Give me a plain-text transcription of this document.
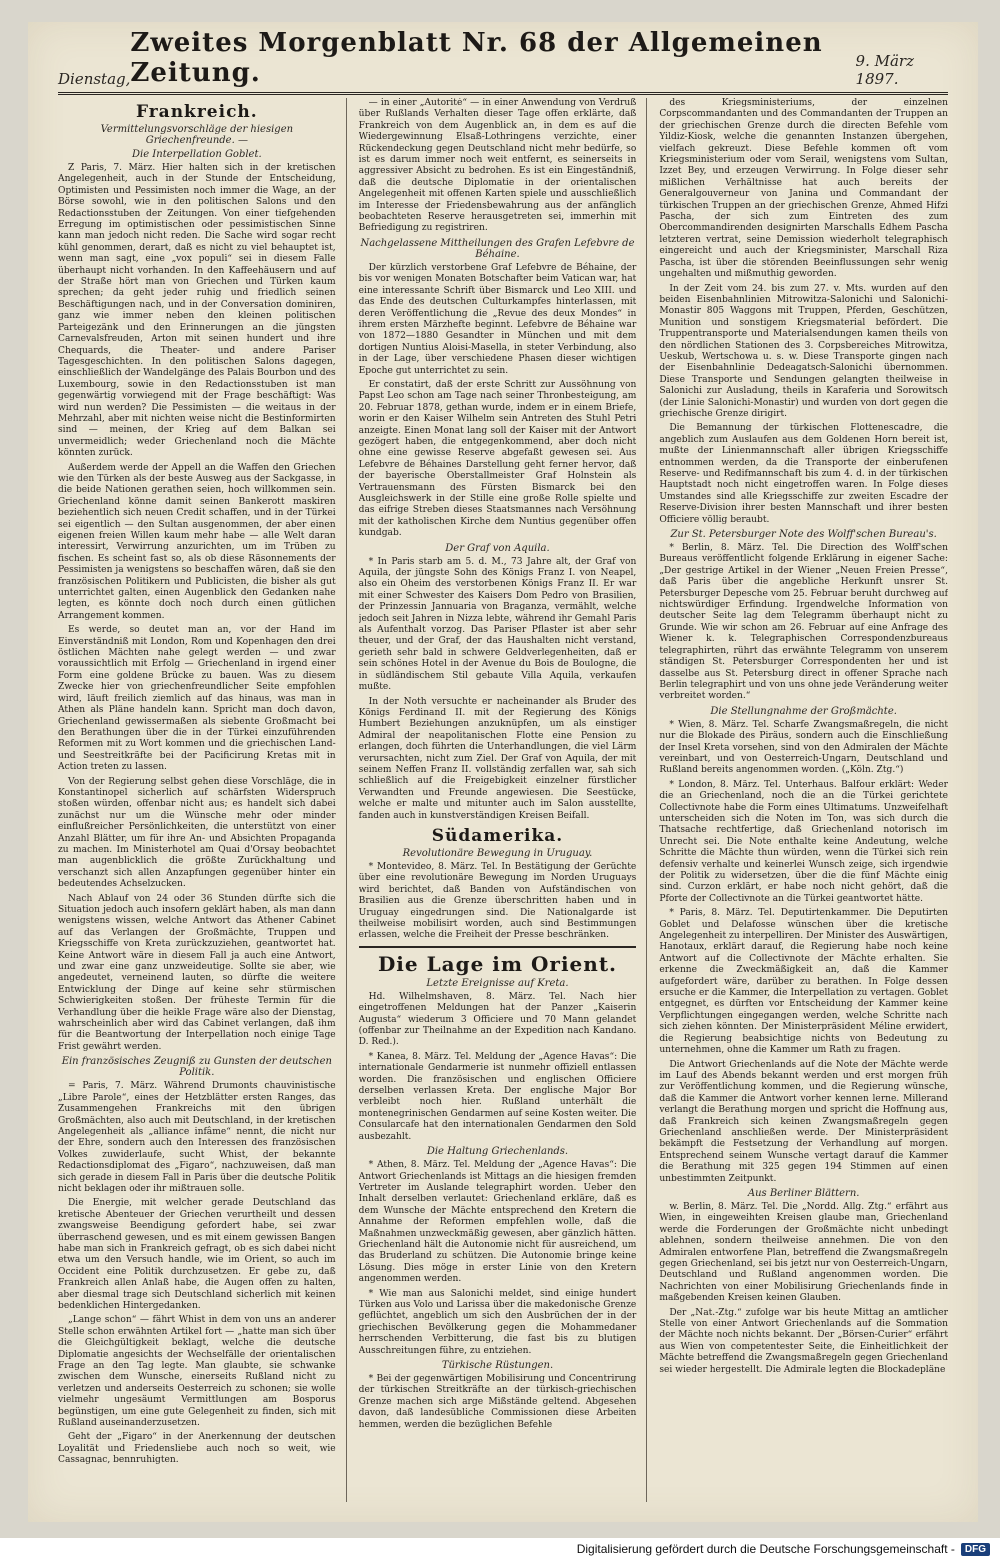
Dienstag,
Zweites Morgenblatt Nr. 68 der Allgemeinen Zeitung.	9. März 1897.
Frankreich.
Vermittelungsvorschläge der hiesigen Griechenfreunde. —
Die Interpellation Goblet.

Z Paris, 7. März. Hier halten sich in der kretischen Angelegenheit, auch in der Stunde der Entscheidung, Optimisten und Pessimisten noch immer die Wage, an der Börse sowohl, wie in den politischen Salons und den Redactionsstuben der Zeitungen. Von einer tiefgehenden Erregung im optimistischen oder pessimistischen Sinne kann man jedoch nicht reden. Die Sache wird sogar recht kühl genommen, derart, daß es nicht zu viel behauptet ist, wenn man sagt, eine „vox populi“ sei in diesem Falle überhaupt nicht vorhanden. In den Kaffeehäusern und auf der Straße hört man von Griechen und Türken kaum sprechen; da geht jeder ruhig und friedlich seinen Beschäftigungen nach, und in der Conversation dominiren, ganz wie immer neben den kleinen politischen Parteigezänk und den Erinnerungen an die jüngsten Carnevalsfreuden, Arton mit seinen hundert und ihre Chequards, die Theater- und andere Pariser Tagesgeschichten. In den politischen Salons dagegen, einschließlich der Wandelgänge des Palais Bourbon und des Luxembourg, sowie in den Redactionsstuben ist man gegenwärtig vorwiegend mit der Frage beschäftigt: Was wird nun werden? Die Pessimisten — die weitaus in der Mehrzahl, aber mit nichten weise nicht die Bestinformirten sind — meinen, der Krieg auf dem Balkan sei unvermeidlich; weder Griechenland noch die Mächte könnten zurück.

Außerdem werde der Appell an die Waffen den Griechen wie den Türken als der beste Ausweg aus der Sackgasse, in die beide Nationen gerathen seien, hoch willkommen sein. Griechenland könne damit seinen Bankerott maskiren beziehentlich sich neuen Credit schaffen, und in der Türkei sei eigentlich — den Sultan ausgenommen, der aber einen eigenen freien Willen kaum mehr habe — alle Welt daran interessirt, Verwirrung anzurichten, um im Trüben zu fischen. Es scheint fast so, als ob diese Räsonnements der Pessimisten ja wenigstens so beschaffen wären, daß sie den französischen Politikern und Publicisten, die bisher als gut unterrichtet galten, einen Augenblick den Gedanken nahe legten, es könnte doch noch durch einen gütlichen Arrangement kommen.

Es werde, so deutet man an, vor der Hand im Einverständniß mit London, Rom und Kopenhagen den drei östlichen Mächten nahe gelegt werden — und zwar voraussichtlich mit Erfolg — Griechenland in irgend einer Form eine goldene Brücke zu bauen. Was zu diesem Zwecke hier von griechenfreundlicher Seite empfohlen wird, läuft freilich ziemlich auf das hinaus, was man in Athen als Pläne handeln kann. Spricht man doch davon, Griechenland gewissermaßen als siebente Großmacht bei den Berathungen über die in der Türkei einzuführenden Reformen mit zu Wort kommen und die griechischen Land- und Seestreitkräfte bei der Pacificirung Kretas mit in Action treten zu lassen.

Von der Regierung selbst gehen diese Vorschläge, die in Konstantinopel sicherlich auf schärfsten Widerspruch stoßen würden, offenbar nicht aus; es handelt sich dabei zunächst nur um die Wünsche mehr oder minder einflußreicher Persönlichkeiten, die unterstützt von einer Anzahl Blätter, um für ihre An- und Absichten Propaganda zu machen. Im Ministerhotel am Quai d'Orsay beobachtet man augenblicklich die größte Zurückhaltung und verschanzt sich allen Anzapfungen gegenüber hinter ein bedeutendes Achselzucken.

Nach Ablauf von 24 oder 36 Stunden dürfte sich die Situation jedoch auch insofern geklärt haben, als man dann wenigstens wissen, welche Antwort das Athener Cabinet auf das Verlangen der Großmächte, Truppen und Kriegsschiffe von Kreta zurückzuziehen, geantwortet hat. Keine Antwort wäre in diesem Fall ja auch eine Antwort, und zwar eine ganz unzweideutige. Sollte sie aber, wie angedeutet, verneinend lauten, so dürfte die weitere Entwicklung der Dinge auf keine sehr stürmischen Schwierigkeiten stoßen. Der früheste Termin für die Verhandlung über die heikle Frage wäre also der Dienstag, wahrscheinlich aber wird das Cabinet verlangen, daß ihm für die Beantwortung der Interpellation noch einige Tage Frist gewährt werden.

Ein französisches Zeugniß zu Gunsten der deutschen Politik.

= Paris, 7. März. Während Drumonts chauvinistische „Libre Parole“, eines der Hetzblätter ersten Ranges, das Zusammengehen Frankreichs mit den übrigen Großmächten, also auch mit Deutschland, in der kretischen Angelegenheit als „alliance infâme“ nennt, die nicht nur der Ehre, sondern auch den Interessen des französischen Volkes zuwiderlaufe, sucht Whist, der bekannte Redactionsdiplomat des „Figaro“, nachzuweisen, daß man sich gerade in diesem Fall in Paris über die deutsche Politik nicht beklagen oder ihr mißtrauen solle.

Die Energie, mit welcher gerade Deutschland das kretische Abenteuer der Griechen verurtheilt und dessen zwangsweise Beendigung gefordert habe, sei zwar überraschend gewesen, und es mit einem gewissen Bangen habe man sich in Frankreich gefragt, ob es sich dabei nicht etwa um den Versuch handle, wie im Orient, so auch im Occident eine Politik durchzusetzen. Er gebe zu, daß Frankreich allen Anlaß habe, die Augen offen zu halten, aber diesmal trage sich Deutschland sicherlich mit keinen bedenklichen Hintergedanken.

„Lange schon“ — fährt Whist in dem von uns an anderer Stelle schon erwähnten Artikel fort — „hatte man sich über die Gleichgültigkeit beklagt, welche die deutsche Diplomatie angesichts der Wechselfälle der orientalischen Frage an den Tag legte. Man glaubte, sie schwanke zwischen dem Wunsche, einerseits Rußland nicht zu verletzen und anderseits Oesterreich zu schonen; sie wolle vielmehr ungesäumt Vermittlungen am Bosporus begünstigen, um eine gute Gelegenheit zu finden, sich mit Rußland auseinanderzusetzen.

Geht der „Figaro“ in der Anerkennung der deutschen Loyalität und Friedensliebe auch noch so weit, wie Cassagnac, bennruhigten.

— in einer „Autorité“ — in einer Anwendung von Verdruß über Rußlands Verhalten dieser Tage offen erklärte, daß Frankreich von dem Augenblick an, in dem es auf die Wiedergewinnung Elsaß-Lothringens verzichte, einer Rückendeckung gegen Deutschland nicht mehr bedürfe, so ist es darum immer noch weit entfernt, es seinerseits in aggressiver Absicht zu bedrohen. Es ist ein Eingeständniß, daß die deutsche Diplomatie in der orientalischen Angelegenheit mit offenen Karten spiele und ausschließlich im Interesse der Friedensbewahrung aus der anfänglich beobachteten Reserve herausgetreten sei, immerhin mit Befriedigung zu registriren.

Nachgelassene Mittheilungen des Grafen Lefebvre de Béhaine.

Der kürzlich verstorbene Graf Lefebvre de Béhaine, der bis vor wenigen Monaten Botschafter beim Vatican war, hat eine interessante Schrift über Bismarck und Leo XIII. und das Ende des deutschen Culturkampfes hinterlassen, mit deren Veröffentlichung die „Revue des deux Mondes“ in ihrem ersten Märzhefte beginnt. Lefebvre de Béhaine war von 1872—1880 Gesandter in München und mit dem dortigen Nuntius Aloisi-Masella, in steter Verbindung, also in der Lage, über verschiedene Phasen dieser wichtigen Epoche gut unterrichtet zu sein.

Er constatirt, daß der erste Schritt zur Aussöhnung von Papst Leo schon am Tage nach seiner Thronbesteigung, am 20. Februar 1878, gethan wurde, indem er in einem Briefe, worin er den Kaiser Wilhelm sein Antreten des Stuhl Petri anzeigte. Einen Monat lang soll der Kaiser mit der Antwort gezögert haben, die entgegenkommend, aber doch nicht ohne eine gewisse Reserve abgefaßt gewesen sei. Aus Lefebvre de Béhaines Darstellung geht ferner hervor, daß der bayerische Oberstallmeister Graf Holnstein als Vertrauensmann des Fürsten Bismarck bei den Ausgleichswerk in der Stille eine große Rolle spielte und das eifrige Streben dieses Staatsmannes nach Versöhnung mit der katholischen Kirche dem Nuntius gegenüber offen kundgab.

Der Graf von Aquila.

* In Paris starb am 5. d. M., 73 Jahre alt, der Graf von Aquila, der jüngste Sohn des Königs Franz I. von Neapel, also ein Oheim des verstorbenen Königs Franz II. Er war mit einer Schwester des Kaisers Dom Pedro von Brasilien, der Prinzessin Jannuaria von Braganza, vermählt, welche jedoch seit Jahren in Nizza lebte, während ihr Gemahl Paris als Aufenthalt vorzog. Das Pariser Pflaster ist aber sehr theuer, und der Graf, der das Haushalten nicht verstand, gerieth sehr bald in schwere Geldverlegenheiten, daß er sein schönes Hotel in der Avenue du Bois de Boulogne, die in südländischem Stil gebaute Villa Aquila, verkaufen mußte.

In der Noth versuchte er nacheinander als Bruder des Königs Ferdinand II. mit der Regierung des Königs Humbert Beziehungen anzuknüpfen, um als einstiger Admiral der neapolitanischen Flotte eine Pension zu erlangen, doch führten die Unterhandlungen, die viel Lärm verursachten, nicht zum Ziel. Der Graf von Aquila, der mit seinem Neffen Franz II. vollständig zerfallen war, sah sich schließlich auf die Freigebigkeit einzelner fürstlicher Verwandten und Freunde angewiesen. Die Seestücke, welche er malte und mitunter auch im Salon ausstellte, fanden auch in kunstverständigen Kreisen Beifall.

Südamerika.
Revolutionäre Bewegung in Uruguay.

* Montevideo, 8. März. Tel. In Bestätigung der Gerüchte über eine revolutionäre Bewegung im Norden Uruguays wird berichtet, daß Banden von Aufständischen von Brasilien aus die Grenze überschritten haben und in Uruguay eingedrungen sind. Die Nationalgarde ist theilweise mobilisirt worden, auch sind Bestimmungen erlassen, welche die Freiheit der Presse beschränken.

Die Lage im Orient.
Letzte Ereignisse auf Kreta.

Hd. Wilhelmshaven, 8. März. Tel. Nach hier eingetroffenen Meldungen hat der Panzer „Kaiserin Augusta“ wiederum 3 Officiere und 70 Mann gelandet (offenbar zur Theilnahme an der Expedition nach Kandano. D. Red.).

* Kanea, 8. März. Tel. Meldung der „Agence Havas“: Die internationale Gendarmerie ist nunmehr offiziell entlassen worden. Die französischen und englischen Officiere derselben verlassen Kreta. Der englische Major Bor verbleibt noch hier. Rußland unterhält die montenegrinischen Gendarmen auf seine Kosten weiter. Die Consularcafe hat den internationalen Gendarmen den Sold ausbezahlt.

Die Haltung Griechenlands.

* Athen, 8. März. Tel. Meldung der „Agence Havas“: Die Antwort Griechenlands ist Mittags an die hiesigen fremden Vertreter im Auslande telegraphirt worden. Ueber den Inhalt derselben verlautet: Griechenland erkläre, daß es dem Wunsche der Mächte entsprechend den Kretern die Annahme der Reformen empfehlen wolle, daß die Maßnahmen unzweckmäßig gewesen, aber gänzlich hätten. Griechenland hält die Autonomie nicht für ausreichend, um das Bruderland zu schützen. Die Autonomie bringe keine Lösung. Dies möge in erster Linie von den Kretern angenommen werden.

* Wie man aus Salonichi meldet, sind einige hundert Türken aus Volo und Larissa über die makedonische Grenze geflüchtet, angeblich um sich den Ausbrüchen der in der griechischen Bevölkerung gegen die Mohammedaner herrschenden Verbitterung, die fast bis zu blutigen Ausschreitungen führe, zu entziehen.

Türkische Rüstungen.

* Bei der gegenwärtigen Mobilisirung und Concentrirung der türkischen Streitkräfte an der türkisch-griechischen Grenze machen sich arge Mißstände geltend. Abgesehen davon, daß landesübliche Commissionen diese Arbeiten hemmen, werden die bezüglichen Befehle

des Kriegsministeriums, der einzelnen Corpscommandanten und des Commandanten der Truppen an der griechischen Grenze durch die directen Befehle vom Yildiz-Kiosk, welche die genannten Instanzen übergehen, vielfach gekreuzt. Diese Befehle kommen oft vom Kriegsministerium oder vom Serail, wenigstens vom Sultan, Izzet Bey, und erzeugen Verwirrung. In Folge dieser sehr mißlichen Verhältnisse hat auch bereits der Generalgouverneur von Janina und Commandant der türkischen Truppen an der griechischen Grenze, Ahmed Hifzi Pascha, der sich zum Eintreten des zum Obercommandirenden designirten Marschalls Edhem Pascha letzteren vertrat, seine Demission wiederholt telegraphisch eingereicht und auch der Kriegsminister, Marschall Riza Pascha, ist über die störenden Beeinflussungen sehr wenig ungehalten und mißmuthig geworden.

In der Zeit vom 24. bis zum 27. v. Mts. wurden auf den beiden Eisenbahnlinien Mitrowitza-Salonichi und Salonichi-Monastir 805 Waggons mit Truppen, Pferden, Geschützen, Munition und sonstigem Kriegsmaterial befördert. Die Truppentransporte und Materialsendungen kamen theils von den nördlichen Stationen des 3. Corpsbereiches Mitrowitza, Ueskub, Wertschowa u. s. w. Diese Transporte gingen nach der Eisenbahnlinie Dedeagatsch-Salonichi übernommen. Diese Transporte und Sendungen gelangten theilweise in Salonichi zur Ausladung, theils in Karaferia und Sorowitsch (der Linie Salonichi-Monastir) und wurden von dort gegen die griechische Grenze dirigirt.

Die Bemannung der türkischen Flottenescadre, die angeblich zum Auslaufen aus dem Goldenen Horn bereit ist, mußte der Linienmannschaft aller übrigen Kriegsschiffe entnommen werden, da die Transporte der einberufenen Reserve- und Redifmannschaft bis zum 4. d. in der türkischen Hauptstadt noch nicht eingetroffen waren. In Folge dieses Umstandes sind alle Kriegsschiffe zur zweiten Escadre der Reserve-Division ihrer besten Mannschaft und ihrer besten Officiere völlig beraubt.

Zur St. Petersburger Note des Wolff'schen Bureau's.

* Berlin, 8. März. Tel. Die Direction des Wolff'schen Bureaus veröffentlicht folgende Erklärung in eigener Sache: „Der gestrige Artikel in der Wiener „Neuen Freien Presse“, daß Paris über die angebliche Herkunft unsrer St. Petersburger Depesche vom 25. Februar beruht durchweg auf nichtswürdiger Erfindung. Irgendwelche Information von deutscher Seite lag dem Telegramm überhaupt nicht zu Grunde. Wie wir schon am 26. Februar auf eine Anfrage des Wiener k. k. Telegraphischen Correspondenzbureaus telegraphirten, rührt das erwähnte Telegramm von unserem ständigen St. Petersburger Correspondenten her und ist dasselbe aus St. Petersburg direct in offener Sprache nach Berlin telegraphirt und von uns ohne jede Veränderung weiter verbreitet worden.“

Die Stellungnahme der Großmächte.

* Wien, 8. März. Tel. Scharfe Zwangsmaßregeln, die nicht nur die Blokade des Piräus, sondern auch die Einschließung der Insel Kreta vorsehen, sind von den Admiralen der Mächte vereinbart, und von Oesterreich-Ungarn, Deutschland und Rußland bereits angenommen worden. („Köln. Ztg.“)

* London, 8. März. Tel. Unterhaus. Balfour erklärt: Weder die an Griechenland, noch die an die Türkei gerichtete Collectivnote habe die Form eines Ultimatums. Unzweifelhaft unterscheiden sich die Noten im Ton, was sich durch die Thatsache rechtfertige, daß Griechenland notorisch im Unrecht sei. Die Note enthalte keine Andeutung, welche Schritte die Mächte thun würden, wenn die Türkei sich rein defensiv verhalte und keinerlei Wunsch zeige, sich irgendwie der Politik zu widersetzen, über die die fünf Mächte einig sind. Curzon erklärt, er habe noch nicht gehört, daß die Pforte der Collectivnote an die Türkei geantwortet hätte.

* Paris, 8. März. Tel. Deputirtenkammer. Die Deputirten Goblet und Delafosse wünschen über die kretische Angelegenheit zu interpelliren. Der Minister des Auswärtigen, Hanotaux, erklärt darauf, die Regierung habe noch keine Antwort auf die Collectivnote der Mächte erhalten. Sie erkenne die Zweckmäßigkeit an, daß die Kammer aufgefordert wäre, darüber zu berathen. In Folge dessen ersuche er die Kammer, die Interpellation zu vertagen. Goblet entgegnet, es dürften vor Entscheidung der Kammer keine Verpflichtungen eingegangen werden, welche Schritte nach sich ziehen könnten. Der Ministerpräsident Méline erwidert, die Regierung beabsichtige nichts von Bedeutung zu unternehmen, ohne die Kammer um Rath zu fragen.

Die Antwort Griechenlands auf die Note der Mächte werde im Lauf des Abends bekannt werden und erst morgen früh zur Veröffentlichung kommen, und die Regierung wünsche, daß die Kammer die Antwort vorher kennen lerne. Millerand verlangt die Berathung morgen und spricht die Hoffnung aus, daß Frankreich sich keinen Zwangsmaßregeln gegen Griechenland anschließen werde. Der Ministerpräsident bekämpft die Festsetzung der Verhandlung auf morgen. Entsprechend seinem Wunsche vertagt darauf die Kammer die Berathung mit 325 gegen 194 Stimmen auf einen unbestimmten Zeitpunkt.

Aus Berliner Blättern.

w. Berlin, 8. März. Tel. Die „Nordd. Allg. Ztg.“ erfährt aus Wien, in eingeweihten Kreisen glaube man, Griechenland werde die Forderungen der Großmächte nicht unbedingt ablehnen, sondern theilweise annehmen. Die von den Admiralen entworfene Plan, betreffend die Zwangsmaßregeln gegen Griechenland, sei bis jetzt nur von Oesterreich-Ungarn, Deutschland und Rußland angenommen worden. Die Nachrichten von einer Mobilisirung Griechenlands finde in maßgebenden Kreisen keinen Glauben.

Der „Nat.-Ztg.“ zufolge war bis heute Mittag an amtlicher Stelle von einer Antwort Griechenlands auf die Sommation der Mächte noch nichts bekannt. Der „Börsen-Curier“ erfährt aus Wien von competentester Seite, die Einheitlichkeit der Mächte betreffend die Zwangsmaßregeln gegen Griechenland sei wieder hergestellt. Die Admirale legten die Blockadepläne

Digitalisierung gefördert durch die Deutsche Forschungsgemeinschaft -	DFG
